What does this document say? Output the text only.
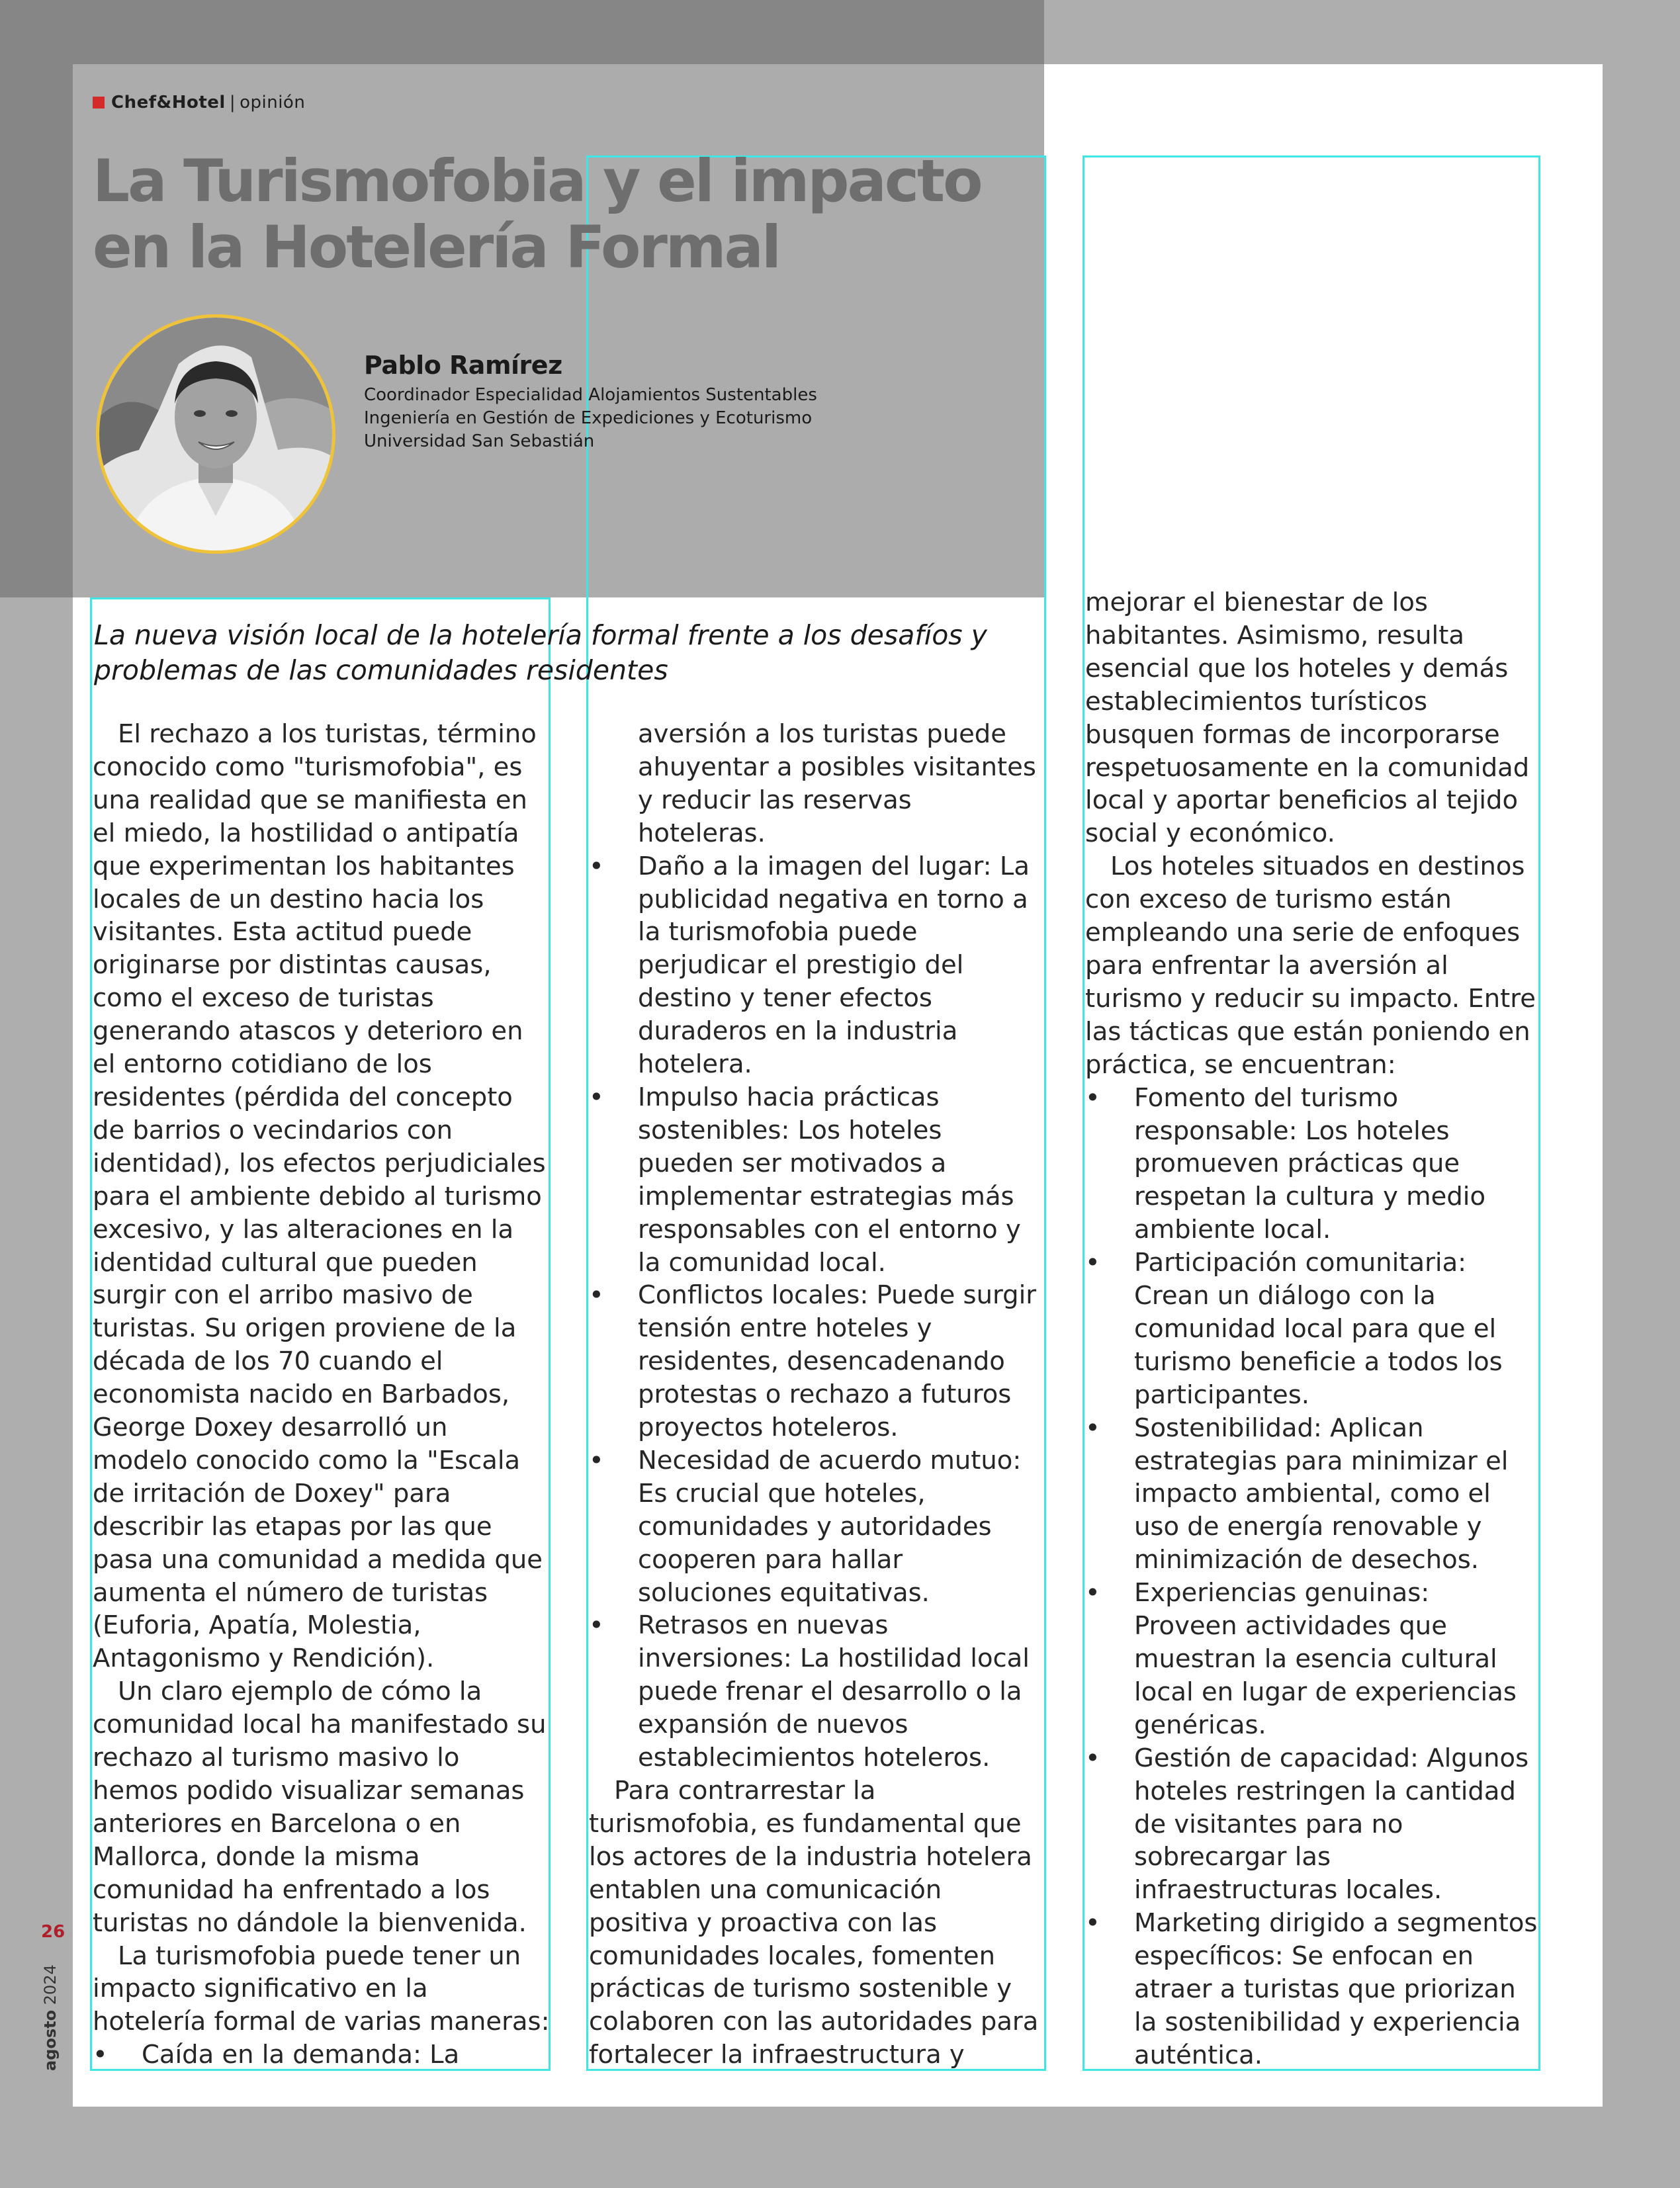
Chef&Hotel | opinión
La Turismofobia y el impacto
en la Hotelería Formal
Pablo Ramírez
Coordinador Especialidad Alojamientos Sustentables
Ingeniería en Gestión de Expediciones y Ecoturismo
Universidad San Sebastián

La nueva visión local de la hotelería formal frente a los desafíos y
problemas de las comunidades residentes

El rechazo a los turistas, término
conocido como "turismofobia", es
una realidad que se manifiesta en
el miedo, la hostilidad o antipatía
que experimentan los habitantes
locales de un destino hacia los
visitantes. Esta actitud puede
originarse por distintas causas,
como el exceso de turistas
generando atascos y deterioro en
el entorno cotidiano de los
residentes (pérdida del concepto
de barrios o vecindarios con
identidad), los efectos perjudiciales
para el ambiente debido al turismo
excesivo, y las alteraciones en la
identidad cultural que pueden
surgir con el arribo masivo de
turistas. Su origen proviene de la
década de los 70 cuando el
economista nacido en Barbados,
George Doxey desarrolló un
modelo conocido como la "Escala
de irritación de Doxey" para
describir las etapas por las que
pasa una comunidad a medida que
aumenta el número de turistas
(Euforia, Apatía, Molestia,
Antagonismo y Rendición).

Un claro ejemplo de cómo la
comunidad local ha manifestado su
rechazo al turismo masivo lo
hemos podido visualizar semanas
anteriores en Barcelona o en
Mallorca, donde la misma
comunidad ha enfrentado a los
turistas no dándole la bienvenida.

La turismofobia puede tener un
impacto significativo en la
hotelería formal de varias maneras:

• Caída en la demanda: La
aversión a los turistas puede
ahuyentar a posibles visitantes
y reducir las reservas
hoteleras.
• Daño a la imagen del lugar: La
publicidad negativa en torno a
la turismofobia puede
perjudicar el prestigio del
destino y tener efectos
duraderos en la industria
hotelera.
• Impulso hacia prácticas
sostenibles: Los hoteles
pueden ser motivados a
implementar estrategias más
responsables con el entorno y
la comunidad local.
• Conflictos locales: Puede surgir
tensión entre hoteles y
residentes, desencadenando
protestas o rechazo a futuros
proyectos hoteleros.
• Necesidad de acuerdo mutuo:
Es crucial que hoteles,
comunidades y autoridades
cooperen para hallar
soluciones equitativas.
• Retrasos en nuevas
inversiones: La hostilidad local
puede frenar el desarrollo o la
expansión de nuevos
establecimientos hoteleros.

Para contrarrestar la
turismofobia, es fundamental que
los actores de la industria hotelera
entablen una comunicación
positiva y proactiva con las
comunidades locales, fomenten
prácticas de turismo sostenible y
colaboren con las autoridades para
fortalecer la infraestructura y

mejorar el bienestar de los
habitantes. Asimismo, resulta
esencial que los hoteles y demás
establecimientos turísticos
busquen formas de incorporarse
respetuosamente en la comunidad
local y aportar beneficios al tejido
social y económico.

Los hoteles situados en destinos
con exceso de turismo están
empleando una serie de enfoques
para enfrentar la aversión al
turismo y reducir su impacto. Entre
las tácticas que están poniendo en
práctica, se encuentran:

• Fomento del turismo
responsable: Los hoteles
promueven prácticas que
respetan la cultura y medio
ambiente local.
• Participación comunitaria:
Crean un diálogo con la
comunidad local para que el
turismo beneficie a todos los
participantes.
• Sostenibilidad: Aplican
estrategias para minimizar el
impacto ambiental, como el
uso de energía renovable y
minimización de desechos.
• Experiencias genuinas:
Proveen actividades que
muestran la esencia cultural
local en lugar de experiencias
genéricas.
• Gestión de capacidad: Algunos
hoteles restringen la cantidad
de visitantes para no
sobrecargar las
infraestructuras locales.
• Marketing dirigido a segmentos
específicos: Se enfocan en
atraer a turistas que priorizan
la sostenibilidad y experiencia
auténtica.
26
agosto 2024
